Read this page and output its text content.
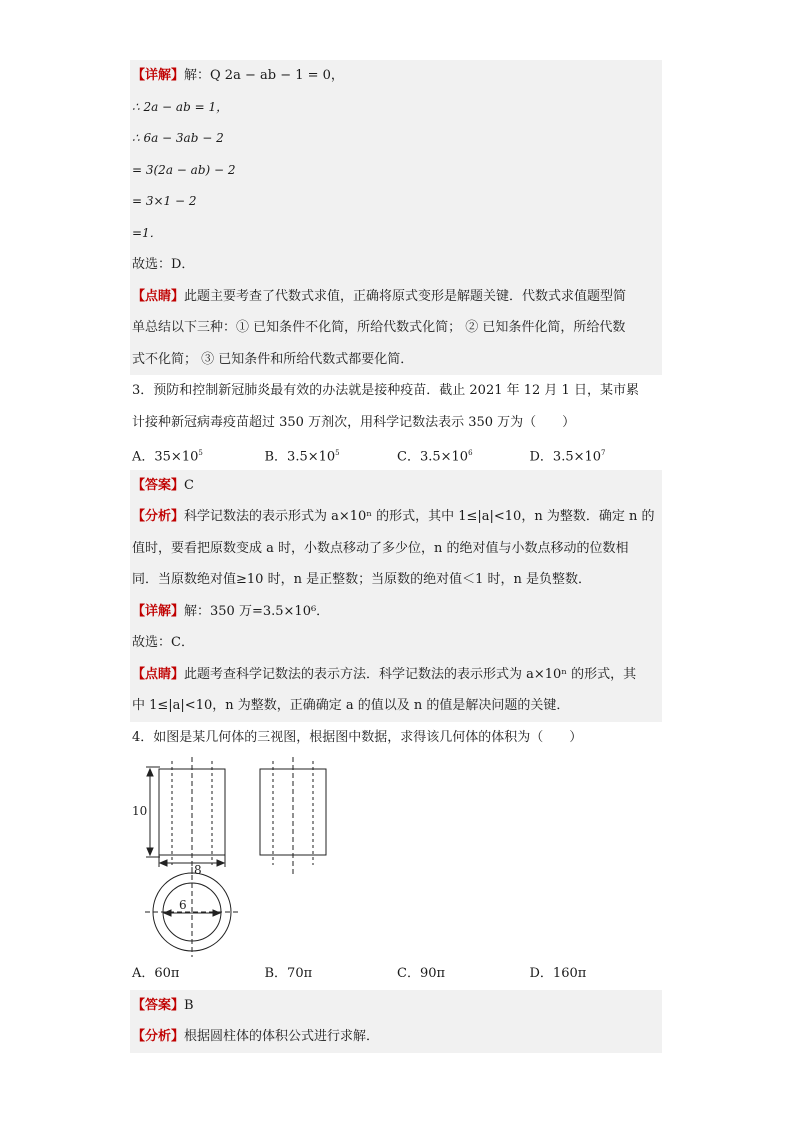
【详解】解：Q 2a − ab − 1 = 0，
∴ 2a − ab = 1，
∴ 6a − 3ab − 2
= 3(2a − ab) − 2
= 3×1 − 2
=1．
故选：D．
【点睛】此题主要考查了代数式求值，正确将原式变形是解题关键．代数式求值题型简
单总结以下三种：① 已知条件不化简，所给代数式化简； ② 已知条件化简，所给代数
式不化简； ③ 已知条件和所给代数式都要化简．
3．预防和控制新冠肺炎最有效的办法就是接种疫苗．截止 2021 年 12 月 1 日，某市累
计接种新冠病毒疫苗超过 350 万剂次，用科学记数法表示 350 万为（　　）
A．$35\times 10^5$	B．$3.5\times 10^5$	C．$3.5\times 10^6$	D．$3.5\times 10^7$
【答案】C
【分析】科学记数法的表示形式为 a×10ⁿ 的形式，其中 1≤|a|<10，n 为整数．确定 n 的
值时，要看把原数变成 a 时，小数点移动了多少位，n 的绝对值与小数点移动的位数相
同．当原数绝对值≥10 时，n 是正整数；当原数的绝对值＜1 时，n 是负整数．
【详解】解：350 万=3.5×10⁶．
故选：C．
【点睛】此题考查科学记数法的表示方法．科学记数法的表示形式为 a×10ⁿ 的形式，其
中 1≤|a|<10，n 为整数，正确确定 a 的值以及 n 的值是解决问题的关键．
4．如图是某几何体的三视图，根据图中数据，求得该几何体的体积为（　　）
10
8
6
A．60π	B．70π	C．90π	D．160π
【答案】B
【分析】根据圆柱体的体积公式进行求解．
